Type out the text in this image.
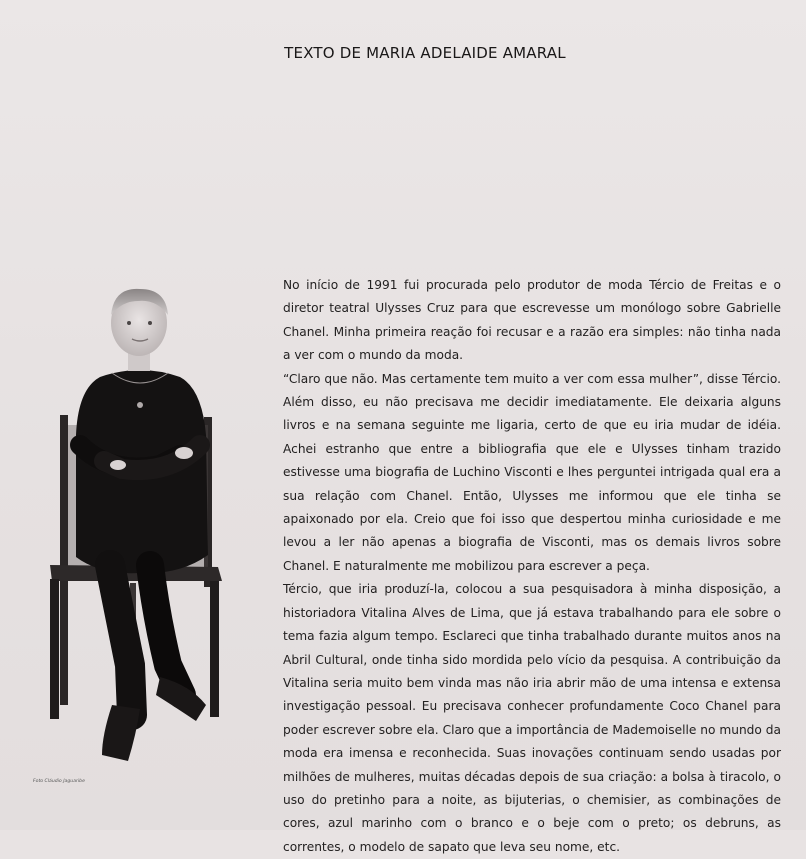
TEXTO DE MARIA ADELAIDE AMARAL
Foto Cláudio Jaguaribe

No início de 1991 fui procurada pelo produtor de moda Tércio de Freitas e o diretor teatral Ulysses Cruz para que escrevesse um monólogo sobre Gabrielle Chanel. Minha primeira reação foi recusar e a razão era simples: não tinha nada a ver com o mundo da moda.

“Claro que não. Mas certamente tem muito a ver com essa mulher”, disse Tércio. Além disso, eu não precisava me decidir imediatamente. Ele deixaria alguns livros e na semana seguinte me ligaria, certo de que eu iria mudar de idéia. Achei estranho que entre a bibliografia que ele e Ulysses tinham trazido estivesse uma biografia de Luchino Visconti e lhes perguntei intrigada qual era a sua relação com Chanel. Então, Ulysses me informou que ele tinha se apaixonado por ela. Creio que foi isso que despertou minha curiosidade e me levou a ler não apenas a biografia de Visconti, mas os demais livros sobre Chanel. E naturalmente me mobilizou para escrever a peça.

Tércio, que iria produzí-la, colocou a sua pesquisadora à minha disposição, a historiadora Vitalina Alves de Lima, que já estava trabalhando para ele sobre o tema fazia algum tempo. Esclareci que tinha trabalhado durante muitos anos na Abril Cultural, onde tinha sido mordida pelo vício da pesquisa. A contribuição da Vitalina seria muito bem vinda mas não iria abrir mão de uma intensa e extensa investigação pessoal. Eu precisava conhecer profundamente Coco Chanel para poder escrever sobre ela. Claro que a importância de Mademoiselle no mundo da moda era imensa e reconhecida. Suas inovações continuam sendo usadas por milhões de mulheres, muitas décadas depois de sua criação: a bolsa à tiracolo, o uso do pretinho para a noite, as bijuterias, o chemisier, as combinações de cores, azul marinho com o branco e o beje com o preto; os debruns, as correntes, o modelo de sapato que leva seu nome, etc.
